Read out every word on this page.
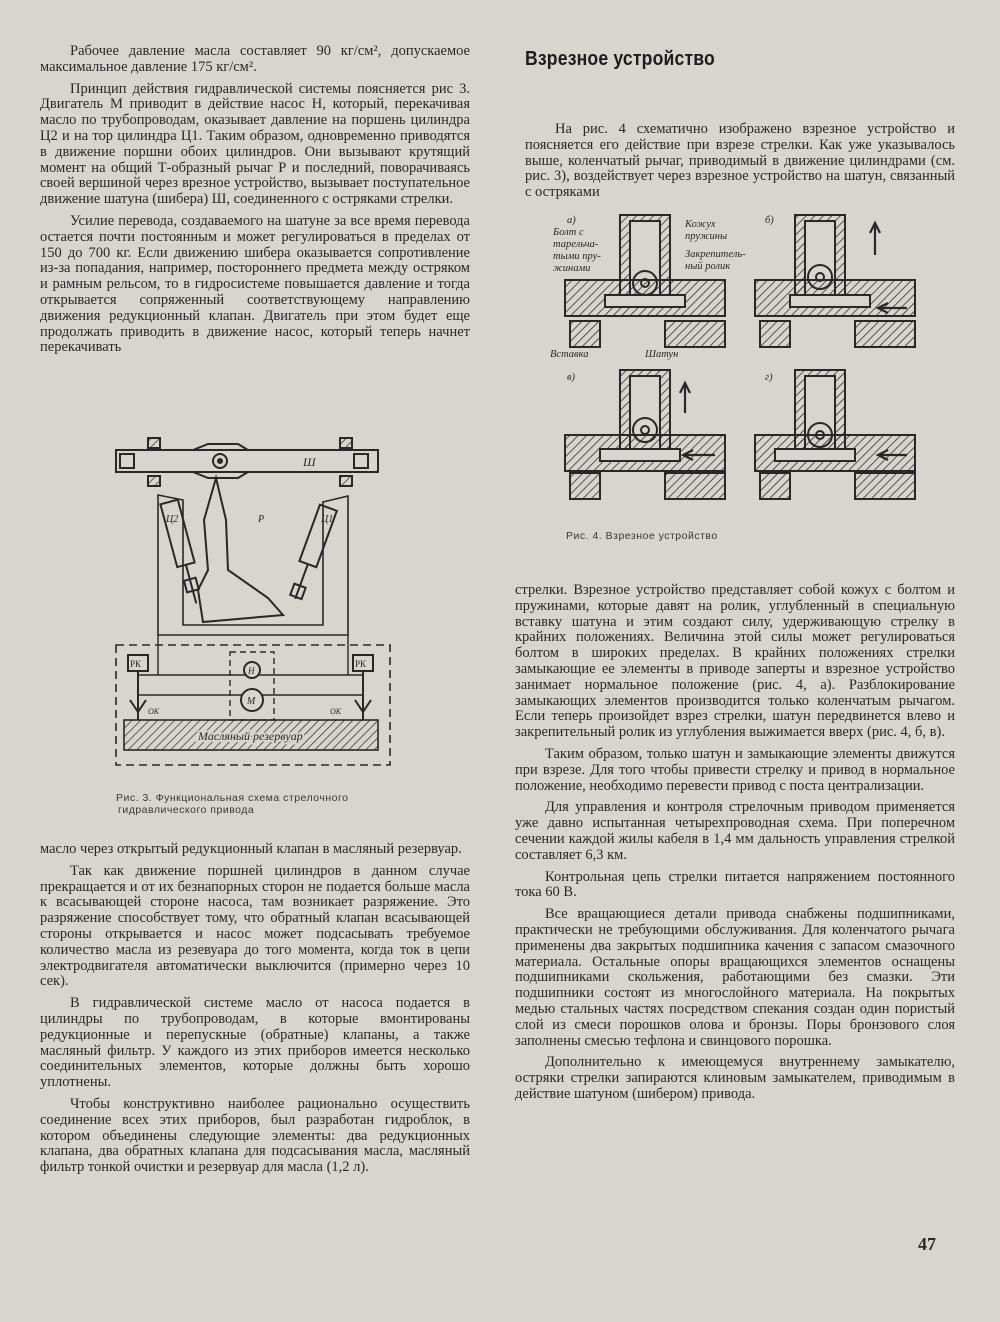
Рабочее давление масла составляет 90 кг/см², допускаемое максимальное давление 175 кг/см².

Принцип действия гидравлической системы поясняется рис 3. Двигатель М приводит в действие насос Н, который, перекачивая масло по трубопроводам, оказывает давление на поршень цилиндра Ц2 и на тор цилиндра Ц1. Таким образом, одновременно приводятся в движение поршни обоих цилиндров. Они вызывают крутящий момент на общий Т-образный рычаг Р и последний, поворачиваясь своей вершиной через врезное устройство, вызывает поступательное движение шатуна (шибера) Ш, соединенного с остряками стрелки.

Усилие перевода, создаваемого на шатуне за все время перевода остается почти постоянным и может регулироваться в пределах от 150 до 700 кг. Если движению шибера оказывается сопротивление из-за попадания, например, постороннего предмета между остряком и рамным рельсом, то в гидросистеме повышается давление и тогда открывается сопряженный соответствующему направлению движения редукционный клапан. Двигатель при этом будет еще продолжать приводить в движение насос, который теперь начнет перекачивать

Ш
Ц2	Ц1
Р
РК	РК
Н
М
ОК	ОК
Масляный резервуар
Рис. 3. Функциональная схема стрелочного
гидравлического привода

масло через открытый редукционный клапан в масляный резервуар.

Так как движение поршней цилиндров в данном случае прекращается и от их безнапорных сторон не подается больше масла к всасывающей стороне насоса, там возникает разряжение. Это разряжение способствует тому, что обратный клапан всасывающей стороны открывается и насос может подсасывать требуемое количество масла из резевуара до того момента, когда ток в цепи электродвигателя автоматически выключится (примерно через 10 сек).

В гидравлической системе масло от насоса подается в цилиндры по трубопроводам, в которые вмонтированы редукционные и перепускные (обратные) клапаны, а также масляный фильтр. У каждого из этих приборов имеется несколько соединительных элементов, которые должны быть хорошо уплотнены.

Чтобы конструктивно наиболее рационально осуществить соединение всех этих приборов, был разработан гидроблок, в котором объединены следующие элементы: два редукционных клапана, два обратных клапана для подсасывания масла, масляный фильтр тонкой очистки и резервуар для масла (1,2 л).

Взрезное устройство

На рис. 4 схематично изображено взрезное устройство и поясняется его действие при взрезе стрелки. Как уже указывалось выше, коленчатый рычаг, приводимый в движение цилиндрами (см. рис. 3), воздействует через взрезное устройство на шатун, связанный с остряками

а)	б)
в)	г)
Болт с
тарельча-
тыми пру-
жинами
Кожух
пружины
Закрепитель-
ный ролик
Вставка	Шатун
Рис. 4. Взрезное устройство

стрелки. Взрезное устройство представляет собой кожух с болтом и пружинами, которые давят на ролик, углубленный в специальную вставку шатуна и этим создают силу, удерживающую стрелку в крайних положениях. Величина этой силы может регулироваться болтом в широких пределах. В крайних положениях стрелки замыкающие ее элементы в приводе заперты и взрезное устройство занимает нормальное положение (рис. 4, а). Разблокирование замыкающих элементов производится только коленчатым рычагом. Если теперь произойдет взрез стрелки, шатун передвинется влево и закрепительный ролик из углубления выжимается вверх (рис. 4, б, в).

Таким образом, только шатун и замыкающие элементы движутся при взрезе. Для того чтобы привести стрелку и привод в нормальное положение, необходимо перевести привод с поста централизации.

Для управления и контроля стрелочным приводом применяется уже давно испытанная четырехпроводная схема. При поперечном сечении каждой жилы кабеля в 1,4 мм дальность управления стрелкой составляет 6,3 км.

Контрольная цепь стрелки питается напряжением постоянного тока 60 В.

Все вращающиеся детали привода снабжены подшипниками, практически не требующими обслуживания. Для коленчатого рычага применены два закрытых подшипника качения с запасом смазочного материала. Остальные опоры вращающихся элементов оснащены подшипниками скольжения, работающими без смазки. Эти подшипники состоят из многослойного материала. На покрытых медью стальных частях посредством спекания создан один пористый слой из смеси порошков олова и бронзы. Поры бронзового слоя заполнены смесью тефлона и свинцового порошка.

Дополнительно к имеющемуся внутреннему замыкателю, остряки стрелки запираются клиновым замыкателем, приводимым в действие шатуном (шибером) привода.

47
